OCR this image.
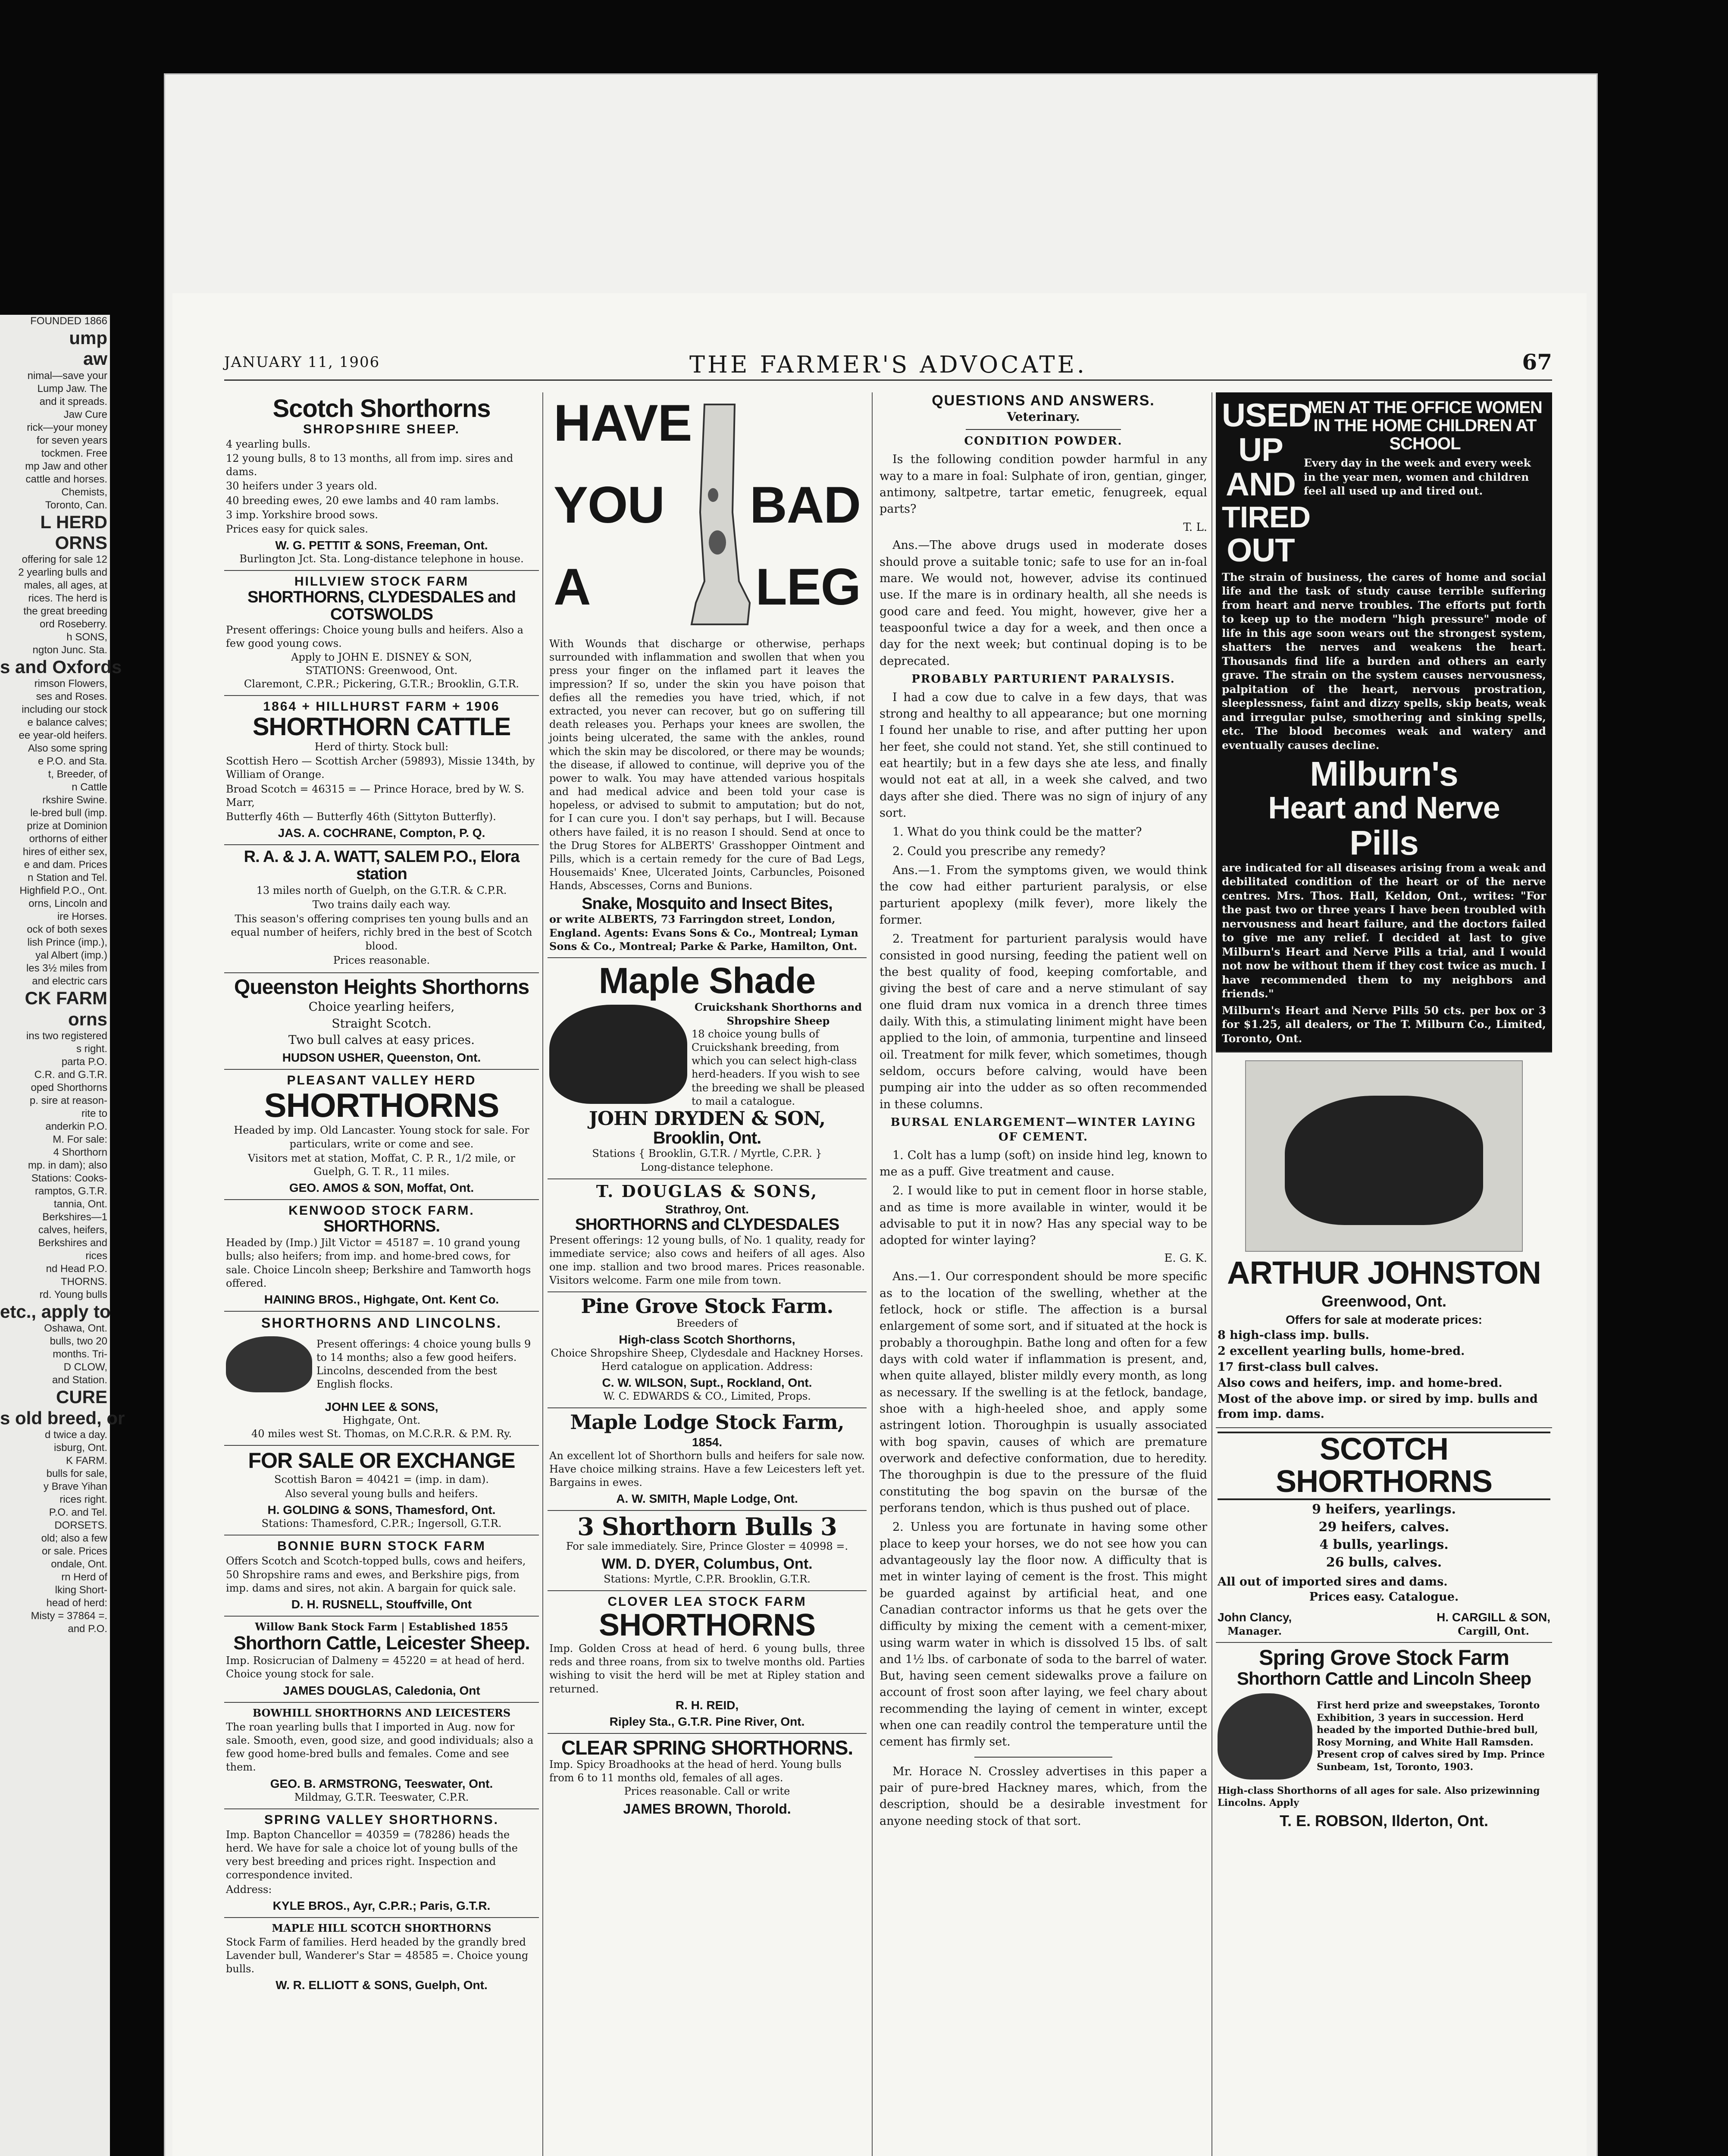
FOUNDED 1866
ump
aw
nimal—save your
Lump Jaw. The
and it spreads.
Jaw Cure
rick—your money
for seven years
tockmen. Free
mp Jaw and other
cattle and horses.
Chemists,
Toronto, Can.
L HERD
ORNS
offering for sale 12
2 yearling bulls and
males, all ages, at
rices. The herd is
the great breeding
ord Roseberry.
h SONS,
ngton Junc. Sta.
s and Oxfords
rimson Flowers,
ses and Roses.
including our stock
e balance calves;
ee year-old heifers.
Also some spring
e P.O. and Sta.
t, Breeder, of
n Cattle
rkshire Swine.
le-bred bull (imp.
prize at Dominion
orthorns of either
hires of either sex,
e and dam. Prices
n Station and Tel.
Highfield P.O., Ont.
orns, Lincoln and
ire Horses.
ock of both sexes
lish Prince (imp.),
yal Albert (imp.)
les 3½ miles from
and electric cars
CK FARM
orns
ins two registered
s right.
parta P.O.
C.R. and G.T.R.
oped Shorthorns
p. sire at reason-
rite to
anderkin P.O.
M. For sale:
4 Shorthorn
mp. in dam); also
Stations: Cooks-
ramptos, G.T.R.
tannia, Ont.
Berkshires—1
calves, heifers,
Berkshires and
rices
nd Head P.O.
THORNS.
rd. Young bulls
etc., apply to
Oshawa, Ont.
bulls, two 20
months. Tri-
D CLOW,
and Station.
CURE
s old breed, or
d twice a day.
isburg, Ont.
K FARM.
bulls for sale,
y Brave Yihan
rices right.
P.O. and Tel.
DORSETS.
old; also a few
or sale. Prices
ondale, Ont.
rn Herd of
lking Short-
head of herd:
Misty = 37864 =.
and P.O.
JANUARY 11, 1906	THE FARMER'S ADVOCATE.	67
Scotch Shorthorns
SHROPSHIRE SHEEP.
4 yearling bulls.
12 young bulls, 8 to 13 months, all from imp. sires and dams.
30 heifers under 3 years old.
40 breeding ewes, 20 ewe lambs and 40 ram lambs.
3 imp. Yorkshire brood sows.
Prices easy for quick sales.
W. G. PETTIT & SONS, Freeman, Ont.
Burlington Jct. Sta. Long-distance telephone in house.
HILLVIEW STOCK FARM
SHORTHORNS, CLYDESDALES and COTSWOLDS
Present offerings: Choice young bulls and heifers. Also a few good young cows.
Apply to JOHN E. DISNEY & SON,
STATIONS: Greenwood, Ont.
Claremont, C.P.R.; Pickering, G.T.R.; Brooklin, G.T.R.
1864 + HILLHURST FARM + 1906
SHORTHORN CATTLE
Herd of thirty. Stock bull:
Scottish Hero — Scottish Archer (59893), Missie 134th, by William of Orange.
Broad Scotch = 46315 = — Prince Horace, bred by W. S. Marr,
Butterfly 46th — Butterfly 46th (Sittyton Butterfly).
JAS. A. COCHRANE, Compton, P. Q.
R. A. & J. A. WATT, SALEM P.O., Elora station
13 miles north of Guelph, on the G.T.R. & C.P.R.
Two trains daily each way.
This season's offering comprises ten young bulls and an equal number of heifers, richly bred in the best of Scotch blood.
Prices reasonable.
Queenston Heights Shorthorns
Choice yearling heifers,
Straight Scotch.
Two bull calves at easy prices.
HUDSON USHER, Queenston, Ont.
PLEASANT VALLEY HERD
SHORTHORNS
Headed by imp. Old Lancaster. Young stock for sale. For particulars, write or come and see.
Visitors met at station, Moffat, C. P. R., 1/2 mile, or Guelph, G. T. R., 11 miles.
GEO. AMOS & SON, Moffat, Ont.
KENWOOD STOCK FARM.
SHORTHORNS.
Headed by (Imp.) Jilt Victor = 45187 =. 10 grand young bulls; also heifers; from imp. and home-bred cows, for sale. Choice Lincoln sheep; Berkshire and Tamworth hogs offered.
HAINING BROS., Highgate, Ont. Kent Co.
SHORTHORNS AND LINCOLNS.
Present offerings: 4 choice young bulls 9 to 14 months; also a few good heifers. Lincolns, descended from the best English flocks.
JOHN LEE & SONS,
Highgate, Ont.
40 miles west St. Thomas, on M.C.R.R. & P.M. Ry.
FOR SALE OR EXCHANGE
Scottish Baron = 40421 = (imp. in dam).
Also several young bulls and heifers.
H. GOLDING & SONS, Thamesford, Ont.
Stations: Thamesford, C.P.R.; Ingersoll, G.T.R.
BONNIE BURN STOCK FARM
Offers Scotch and Scotch-topped bulls, cows and heifers, 50 Shropshire rams and ewes, and Berkshire pigs, from imp. dams and sires, not akin. A bargain for quick sale.
D. H. RUSNELL, Stouffville, Ont
Willow Bank Stock Farm | Established 1855
Shorthorn Cattle, Leicester Sheep.
Imp. Rosicrucian of Dalmeny = 45220 = at head of herd. Choice young stock for sale.
JAMES DOUGLAS, Caledonia, Ont
BOWHILL SHORTHORNS AND LEICESTERS
The roan yearling bulls that I imported in Aug. now for sale. Smooth, even, good size, and good individuals; also a few good home-bred bulls and females. Come and see them.
GEO. B. ARMSTRONG, Teeswater, Ont.
Mildmay, G.T.R. Teeswater, C.P.R.
SPRING VALLEY SHORTHORNS.
Imp. Bapton Chancellor = 40359 = (78286) heads the herd. We have for sale a choice lot of young bulls of the very best breeding and prices right. Inspection and correspondence invited.
Address:
KYLE BROS., Ayr, C.P.R.; Paris, G.T.R.
MAPLE HILL SCOTCH SHORTHORNS
Stock Farm of families. Herd headed by the grandly bred Lavender bull, Wanderer's Star = 48585 =. Choice young bulls.
W. R. ELLIOTT & SONS, Guelph, Ont.
HAVE
YOU BAD
A	LEG
With Wounds that discharge or otherwise, perhaps surrounded with inflammation and swollen that when you press your finger on the inflamed part it leaves the impression? If so, under the skin you have poison that defies all the remedies you have tried, which, if not extracted, you never can recover, but go on suffering till death releases you. Perhaps your knees are swollen, the joints being ulcerated, the same with the ankles, round which the skin may be discolored, or there may be wounds; the disease, if allowed to continue, will deprive you of the power to walk. You may have attended various hospitals and had medical advice and been told your case is hopeless, or advised to submit to amputation; but do not, for I can cure you. I don't say perhaps, but I will. Because others have failed, it is no reason I should. Send at once to the Drug Stores for ALBERTS' Grasshopper Ointment and Pills, which is a certain remedy for the cure of Bad Legs, Housemaids' Knee, Ulcerated Joints, Carbuncles, Poisoned Hands, Abscesses, Corns and Bunions.
Snake, Mosquito and Insect Bites,
or write ALBERTS, 73 Farringdon street, London, England. Agents: Evans Sons & Co., Montreal; Lyman Sons & Co., Montreal; Parke & Parke, Hamilton, Ont.
Maple Shade
Cruickshank Shorthorns and Shropshire Sheep
18 choice young bulls of Cruickshank breeding, from which you can select high-class herd-headers. If you wish to see the breeding we shall be pleased to mail a catalogue.
JOHN DRYDEN & SON,
Brooklin, Ont.
Stations { Brooklin, G.T.R. / Myrtle, C.P.R. }
Long-distance telephone.
T. DOUGLAS & SONS,
Strathroy, Ont.
SHORTHORNS and CLYDESDALES
Present offerings: 12 young bulls, of No. 1 quality, ready for immediate service; also cows and heifers of all ages. Also one imp. stallion and two brood mares. Prices reasonable. Visitors welcome. Farm one mile from town.
Pine Grove Stock Farm.
Breeders of
High-class Scotch Shorthorns,
Choice Shropshire Sheep, Clydesdale and Hackney Horses.
Herd catalogue on application. Address:
C. W. WILSON, Supt., Rockland, Ont.
W. C. EDWARDS & CO., Limited, Props.
Maple Lodge Stock Farm,
1854.
An excellent lot of Shorthorn bulls and heifers for sale now. Have choice milking strains. Have a few Leicesters left yet. Bargains in ewes.
A. W. SMITH, Maple Lodge, Ont.
3 Shorthorn Bulls 3
For sale immediately. Sire, Prince Gloster = 40998 =.
WM. D. DYER, Columbus, Ont.
Stations: Myrtle, C.P.R. Brooklin, G.T.R.
CLOVER LEA STOCK FARM
SHORTHORNS
Imp. Golden Cross at head of herd. 6 young bulls, three reds and three roans, from six to twelve months old. Parties wishing to visit the herd will be met at Ripley station and returned.
R. H. REID,
Ripley Sta., G.T.R. Pine River, Ont.
CLEAR SPRING SHORTHORNS.
Imp. Spicy Broadhooks at the head of herd. Young bulls from 6 to 11 months old, females of all ages.
Prices reasonable. Call or write
JAMES BROWN, Thorold.
QUESTIONS AND ANSWERS.
Veterinary.
CONDITION POWDER.

Is the following condition powder harmful in any way to a mare in foal: Sulphate of iron, gentian, ginger, antimony, saltpetre, tartar emetic, fenugreek, equal parts?

T. L.

Ans.—The above drugs used in moderate doses should prove a suitable tonic; safe to use for an in-foal mare. We would not, however, advise its continued use. If the mare is in ordinary health, all she needs is good care and feed. You might, however, give her a teaspoonful twice a day for a week, and then once a day for the next week; but continual doping is to be deprecated.

PROBABLY PARTURIENT PARALYSIS.

I had a cow due to calve in a few days, that was strong and healthy to all appearance; but one morning I found her unable to rise, and after putting her upon her feet, she could not stand. Yet, she still continued to eat heartily; but in a few days she ate less, and finally would not eat at all, in a week she calved, and two days after she died. There was no sign of injury of any sort.

1. What do you think could be the matter?

2. Could you prescribe any remedy?

Ans.—1. From the symptoms given, we would think the cow had either parturient paralysis, or else parturient apoplexy (milk fever), more likely the former.

2. Treatment for parturient paralysis would have consisted in good nursing, feeding the patient well on the best quality of food, keeping comfortable, and giving the best of care and a nerve stimulant of say one fluid dram nux vomica in a drench three times daily. With this, a stimulating liniment might have been applied to the loin, of ammonia, turpentine and linseed oil. Treatment for milk fever, which sometimes, though seldom, occurs before calving, would have been pumping air into the udder as so often recommended in these columns.

BURSAL ENLARGEMENT—WINTER LAYING OF CEMENT.

1. Colt has a lump (soft) on inside hind leg, known to me as a puff. Give treatment and cause.

2. I would like to put in cement floor in horse stable, and as time is more available in winter, would it be advisable to put it in now? Has any special way to be adopted for winter laying?

E. G. K.

Ans.—1. Our correspondent should be more specific as to the location of the swelling, whether at the fetlock, hock or stifle. The affection is a bursal enlargement of some sort, and if situated at the hock is probably a thoroughpin. Bathe long and often for a few days with cold water if inflammation is present, and, when quite allayed, blister mildly every month, as long as necessary. If the swelling is at the fetlock, bandage, shoe with a high-heeled shoe, and apply some astringent lotion. Thoroughpin is usually associated with bog spavin, causes of which are premature overwork and defective conformation, due to heredity. The thoroughpin is due to the pressure of the fluid constituting the bog spavin on the bursæ of the perforans tendon, which is thus pushed out of place.

2. Unless you are fortunate in having some other place to keep your horses, we do not see how you can advantageously lay the floor now. A difficulty that is met in winter laying of cement is the frost. This might be guarded against by artificial heat, and one Canadian contractor informs us that he gets over the difficulty by mixing the cement with a cement-mixer, using warm water in which is dissolved 15 lbs. of salt and 1½ lbs. of carbonate of soda to the barrel of water. But, having seen cement sidewalks prove a failure on account of frost soon after laying, we feel chary about recommending the laying of cement in winter, except when one can readily control the temperature until the cement has firmly set.

Mr. Horace N. Crossley advertises in this paper a pair of pure-bred Hackney mares, which, from the description, should be a desirable investment for anyone needing stock of that sort.

USED
UP
AND
TIRED
OUT
MEN AT THE OFFICE WOMEN IN THE HOME CHILDREN AT SCHOOL
Every day in the week and every week in the year men, women and children feel all used up and tired out.
The strain of business, the cares of home and social life and the task of study cause terrible suffering from heart and nerve troubles. The efforts put forth to keep up to the modern "high pressure" mode of life in this age soon wears out the strongest system, shatters the nerves and weakens the heart. Thousands find life a burden and others an early grave. The strain on the system causes nervousness, palpitation of the heart, nervous prostration, sleeplessness, faint and dizzy spells, skip beats, weak and irregular pulse, smothering and sinking spells, etc. The blood becomes weak and watery and eventually causes decline.
Milburn's
Heart and Nerve
Pills
are indicated for all diseases arising from a weak and debilitated condition of the heart or of the nerve centres. Mrs. Thos. Hall, Keldon, Ont., writes: "For the past two or three years I have been troubled with nervousness and heart failure, and the doctors failed to give me any relief. I decided at last to give Milburn's Heart and Nerve Pills a trial, and I would not now be without them if they cost twice as much. I have recommended them to my neighbors and friends."
Milburn's Heart and Nerve Pills 50 cts. per box or 3 for $1.25, all dealers, or The T. Milburn Co., Limited, Toronto, Ont.
ARTHUR JOHNSTON
Greenwood, Ont.
Offers for sale at moderate prices:
8 high-class imp. bulls.
2 excellent yearling bulls, home-bred.
17 first-class bull calves.
Also cows and heifers, imp. and home-bred.
Most of the above imp. or sired by imp. bulls and from imp. dams.
SCOTCH SHORTHORNS
9 heifers, yearlings.
29 heifers, calves.
4 bulls, yearlings.
26 bulls, calves.
All out of imported sires and dams.
Prices easy. Catalogue.
John Clancy,
Manager.
H. CARGILL & SON,
Cargill, Ont.
Spring Grove Stock Farm
Shorthorn Cattle and Lincoln Sheep
First herd prize and sweepstakes, Toronto Exhibition, 3 years in succession. Herd headed by the imported Duthie-bred bull, Rosy Morning, and White Hall Ramsden. Present crop of calves sired by Imp. Prince Sunbeam, 1st, Toronto, 1903.
High-class Shorthorns of all ages for sale. Also prizewinning Lincolns. Apply
T. E. ROBSON, Ilderton, Ont.
